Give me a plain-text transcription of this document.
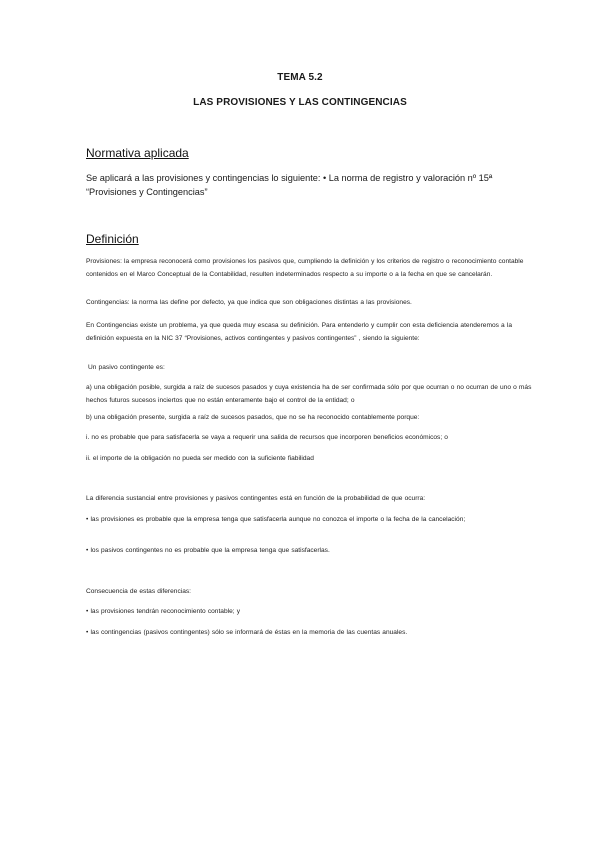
TEMA 5.2
LAS PROVISIONES Y LAS CONTINGENCIAS
Normativa aplicada
Se aplicará a las provisiones y contingencias lo siguiente: • La norma de registro y valoración nº 15ª “Provisiones y Contingencias”
Definición
Provisiones: la empresa reconocerá como provisiones los pasivos que, cumpliendo la definición y los criterios de registro o reconocimiento contable contenidos en el Marco Conceptual de la Contabilidad, resulten indeterminados respecto a su importe o a la fecha en que se cancelarán.
Contingencias: la norma las define por defecto, ya que indica que son obligaciones distintas a las provisiones.
En Contingencias existe un problema, ya que queda muy escasa su definición. Para entenderlo y cumplir con esta deficiencia atenderemos a la definición expuesta en la NIC 37 “Provisiones, activos contingentes y pasivos contingentes” , siendo la siguiente:
Un pasivo contingente es:
a) una obligación posible, surgida a raíz de sucesos pasados y cuya existencia ha de ser confirmada sólo por que ocurran o no ocurran de uno o más hechos futuros sucesos inciertos que no están enteramente bajo el control de la entidad; o
b) una obligación presente, surgida a raíz de sucesos pasados, que no se ha reconocido contablemente porque:
i. no es probable que para satisfacerla se vaya a requerir una salida de recursos que incorporen beneficios económicos; o
ii. el importe de la obligación no pueda ser medido con la suficiente fiabilidad
La diferencia sustancial entre provisiones y pasivos contingentes está en función de la probabilidad de que ocurra:
• las provisiones es probable que la empresa tenga que satisfacerla aunque no conozca el importe o la fecha de la cancelación;
• los pasivos contingentes no es probable que la empresa tenga que satisfacerlas.
Consecuencia de estas diferencias:
• las provisiones tendrán reconocimiento contable; y
• las contingencias (pasivos contingentes) sólo se informará de éstas en la memoria de las cuentas anuales.
